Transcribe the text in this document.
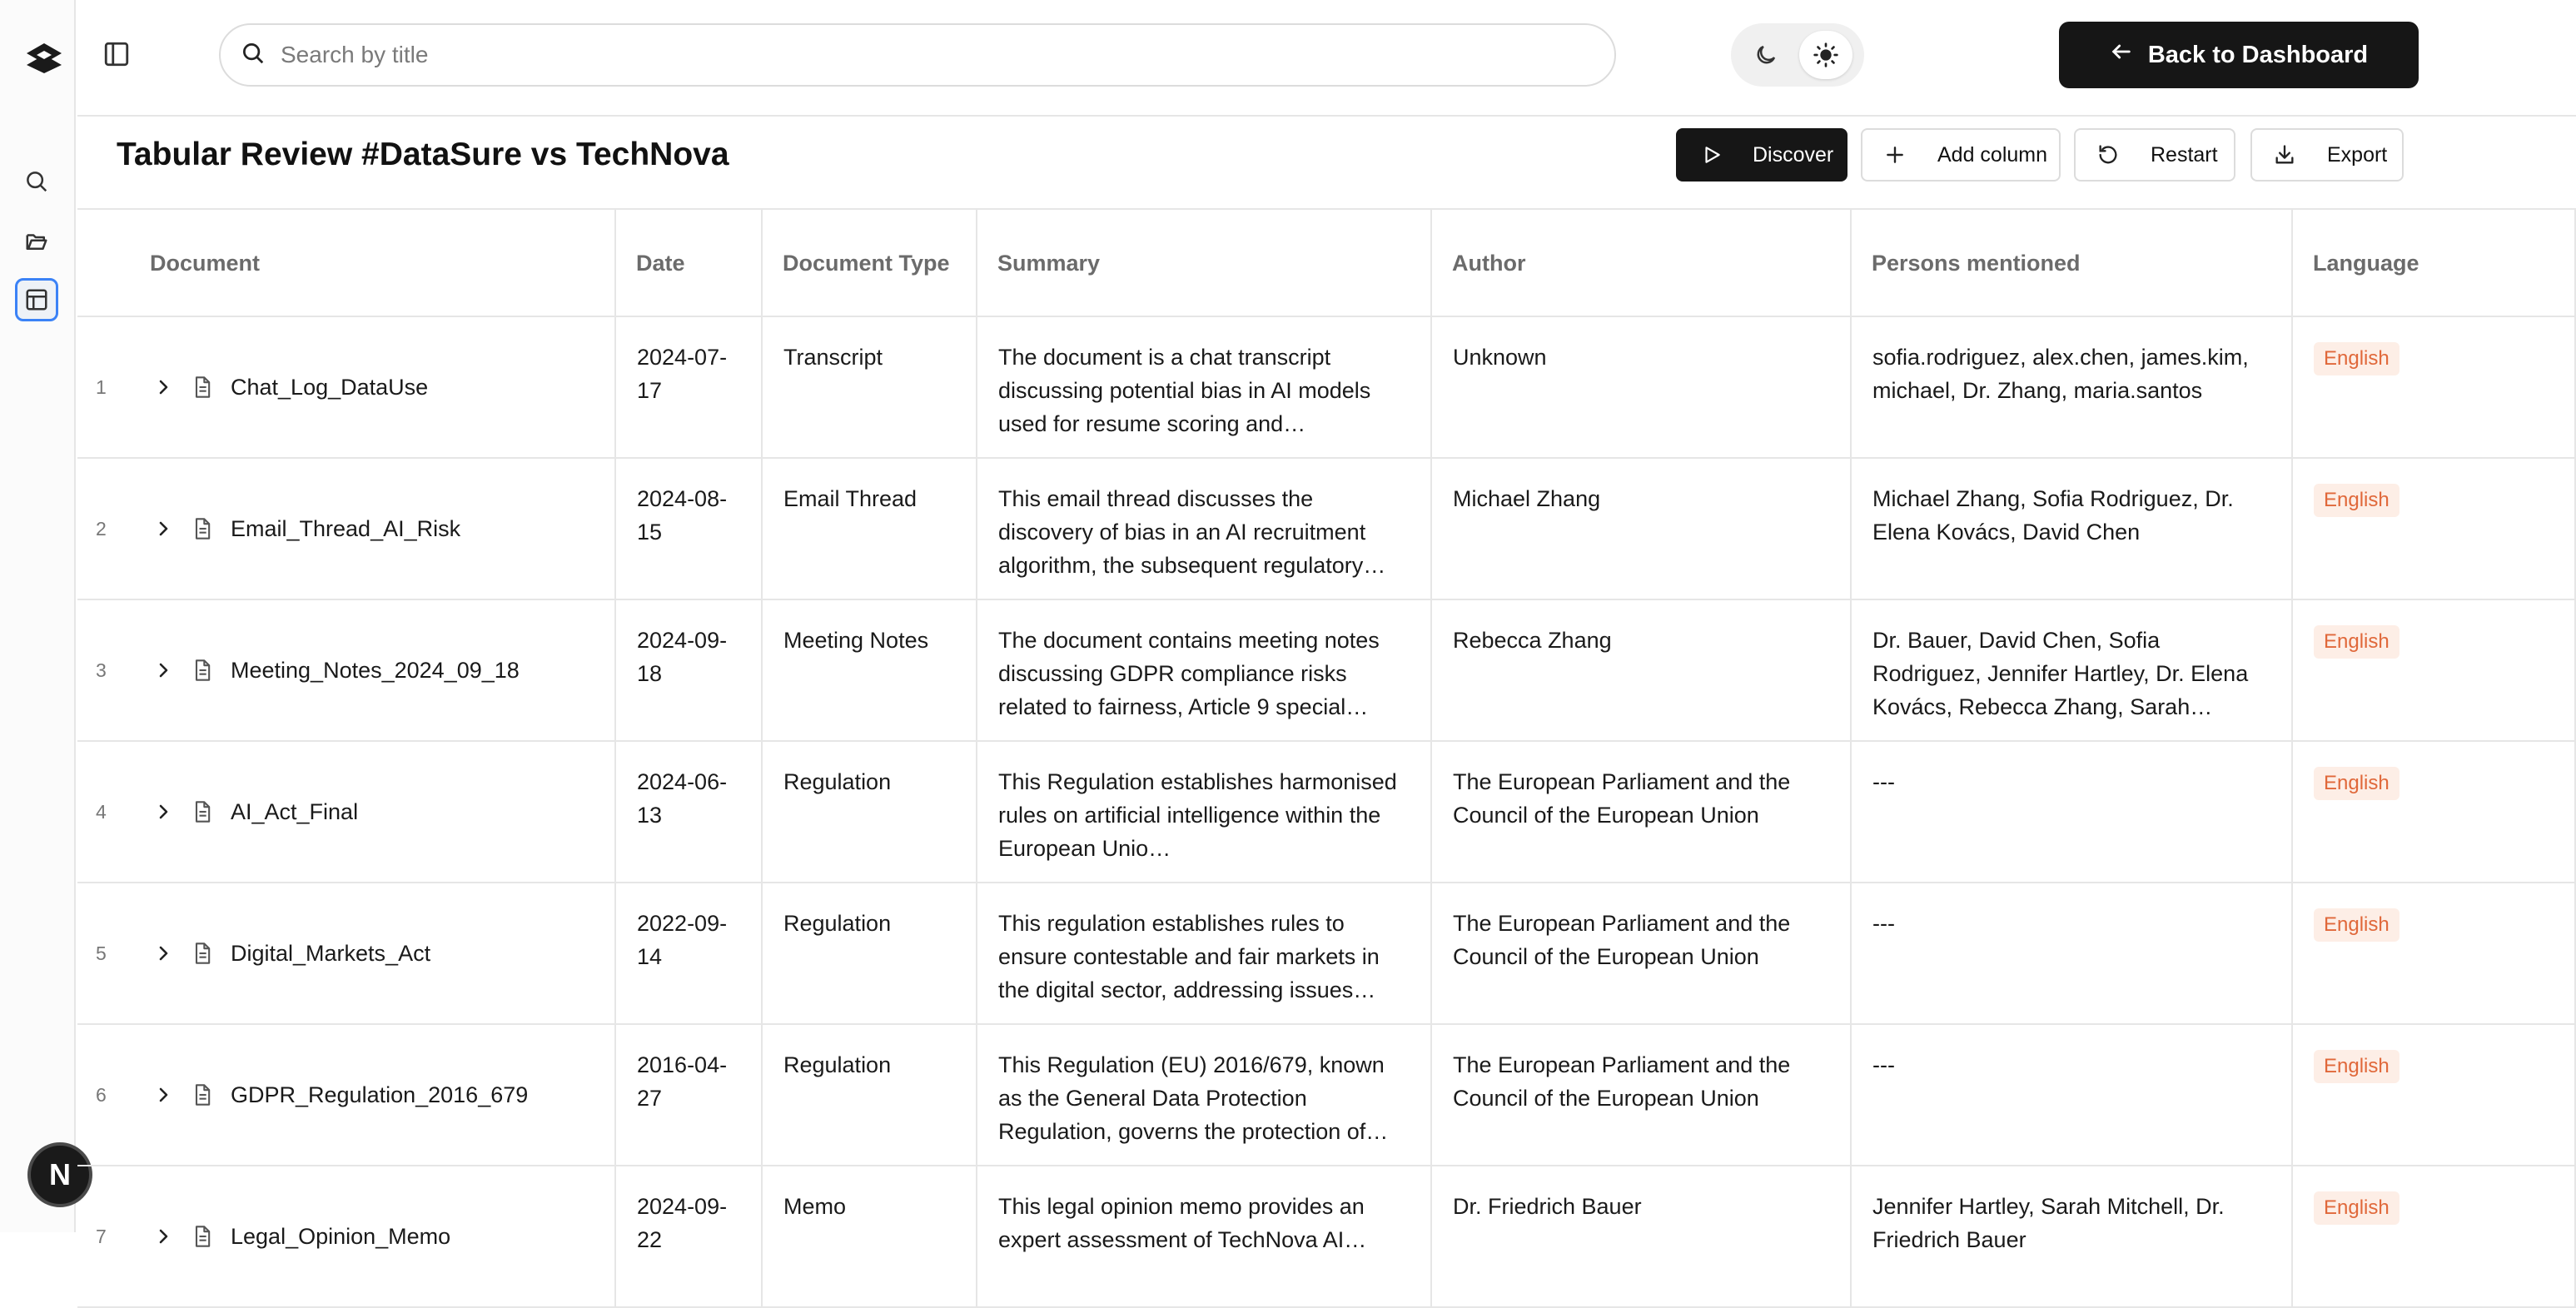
N
Search by title
Back to Dashboard
Tabular Review #DataSure vs TechNova	Discover	Add column	Restart	Export
Document	Date	Document Type	Summary	Author	Persons mentioned	Language

1 Chat_Log_DataUse	2024-07-17	Transcript	The document is a chat transcript discussing potential bias in AI models used for resume scoring and…	Unknown	sofia.rodriguez, alex.chen, james.kim, michael, Dr. Zhang, maria.santos	English

2 Email_Thread_AI_Risk	2024-08-15	Email Thread	This email thread discusses the discovery of bias in an AI recruitment algorithm, the subsequent regulatory…	Michael Zhang	Michael Zhang, Sofia Rodriguez, Dr. Elena Kovács, David Chen	English

3 Meeting_Notes_2024_09_18	2024-09-18	Meeting Notes	The document contains meeting notes discussing GDPR compliance risks related to fairness, Article 9 special…	Rebecca Zhang	Dr. Bauer, David Chen, Sofia Rodriguez, Jennifer Hartley, Dr. Elena Kovács, Rebecca Zhang, Sarah…	English

4 AI_Act_Final	2024-06-13	Regulation	This Regulation establishes harmonised rules on artificial intelligence within the European Unio…	The European Parliament and the Council of the European Union	---	English

5 Digital_Markets_Act	2022-09-14	Regulation	This regulation establishes rules to ensure contestable and fair markets in the digital sector, addressing issues…	The European Parliament and the Council of the European Union	---	English

6 GDPR_Regulation_2016_679	2016-04-27	Regulation	This Regulation (EU) 2016/679, known as the General Data Protection Regulation, governs the protection of…	The European Parliament and the Council of the European Union	---	English

7 Legal_Opinion_Memo	2024-09-22	Memo	This legal opinion memo provides an expert assessment of TechNova AI…	Dr. Friedrich Bauer	Jennifer Hartley, Sarah Mitchell, Dr. Friedrich Bauer	English
